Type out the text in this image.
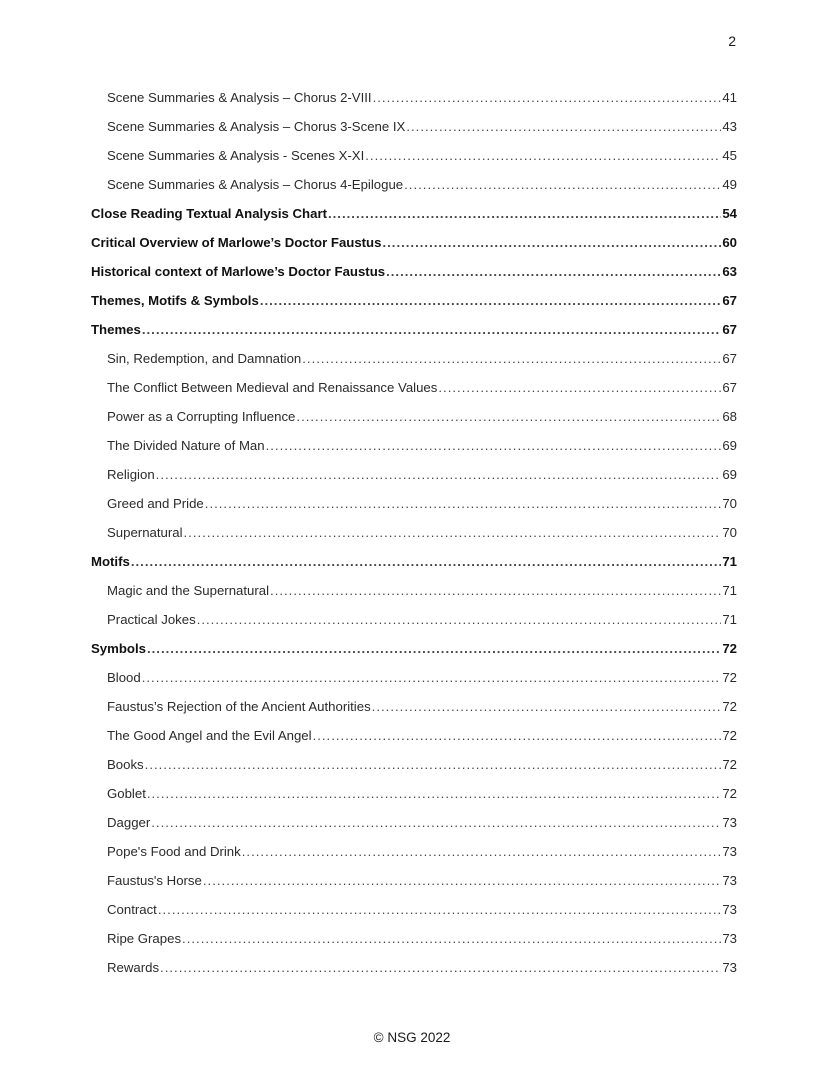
2
Scene Summaries & Analysis – Chorus 2-VIII .....	41
Scene Summaries & Analysis – Chorus 3-Scene IX .....	43
Scene Summaries & Analysis - Scenes X-XI .....	45
Scene Summaries & Analysis – Chorus 4-Epilogue .....	49
Close Reading Textual Analysis Chart .....	54
Critical Overview of Marlowe’s Doctor Faustus .....	60
Historical context of Marlowe’s Doctor Faustus .....	63
Themes, Motifs & Symbols .....	67
Themes .....	67
Sin, Redemption, and Damnation .....	67
The Conflict Between Medieval and Renaissance Values .....	67
Power as a Corrupting Influence .....	68
The Divided Nature of Man .....	69
Religion .....	69
Greed and Pride .....	70
Supernatural .....	70
Motifs .....	71
Magic and the Supernatural .....	71
Practical Jokes .....	71
Symbols .....	72
Blood .....	72
Faustus’s Rejection of the Ancient Authorities .....	72
The Good Angel and the Evil Angel .....	72
Books .....	72
Goblet .....	72
Dagger .....	73
Pope's Food and Drink .....	73
Faustus's Horse .....	73
Contract .....	73
Ripe Grapes .....	73
Rewards .....	73
© NSG 2022
